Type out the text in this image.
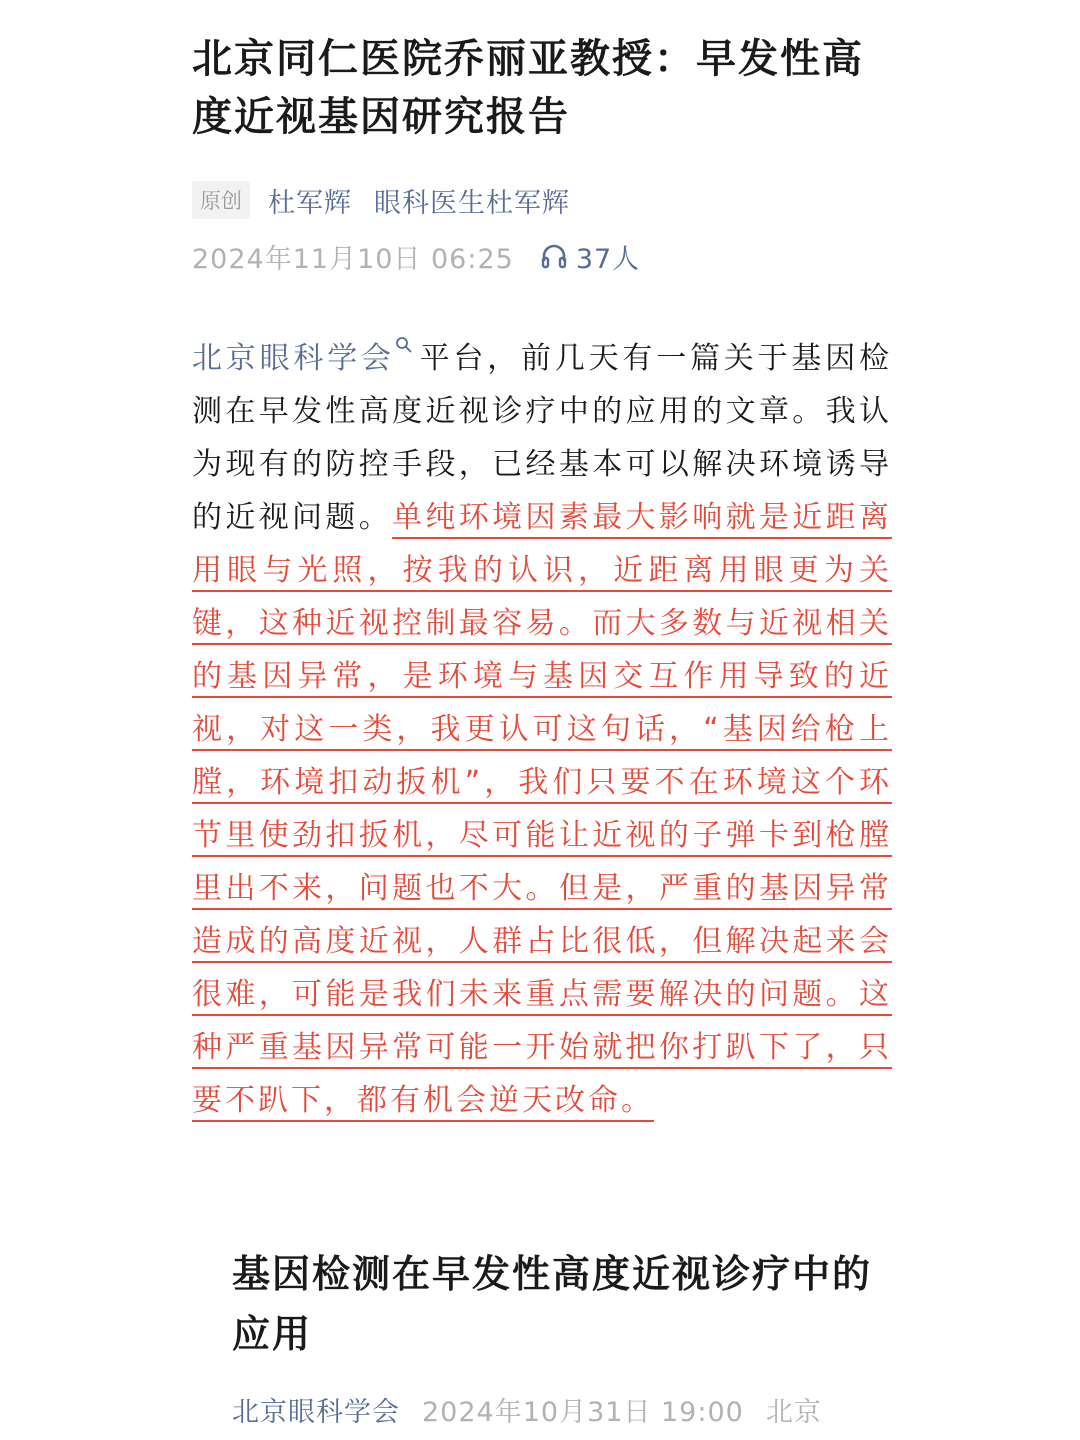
北京同仁医院乔丽亚教授：早发性高度近视基因研究报告
原创 杜军辉 眼科医生杜军辉
2024年11月10日 06:25 37人

北京眼科学会 平台，前几天有一篇关于基因检测在早发性高度近视诊疗中的应用的文章。我认为现有的防控手段，已经基本可以解决环境诱导的近视问题。单纯环境因素最大影响就是近距离用眼与光照，按我的认识，近距离用眼更为关键，这种近视控制最容易。而大多数与近视相关的基因异常，是环境与基因交互作用导致的近视，对这一类，我更认可这句话，“基因给枪上膛，环境扣动扳机”，我们只要不在环境这个环节里使劲扣扳机，尽可能让近视的子弹卡到枪膛里出不来，问题也不大。但是，严重的基因异常造成的高度近视，人群占比很低，但解决起来会很难，可能是我们未来重点需要解决的问题。这种严重基因异常可能一开始就把你打趴下了，只要不趴下，都有机会逆天改命。

基因检测在早发性高度近视诊疗中的应用
北京眼科学会 2024年10月31日 19:00 北京
